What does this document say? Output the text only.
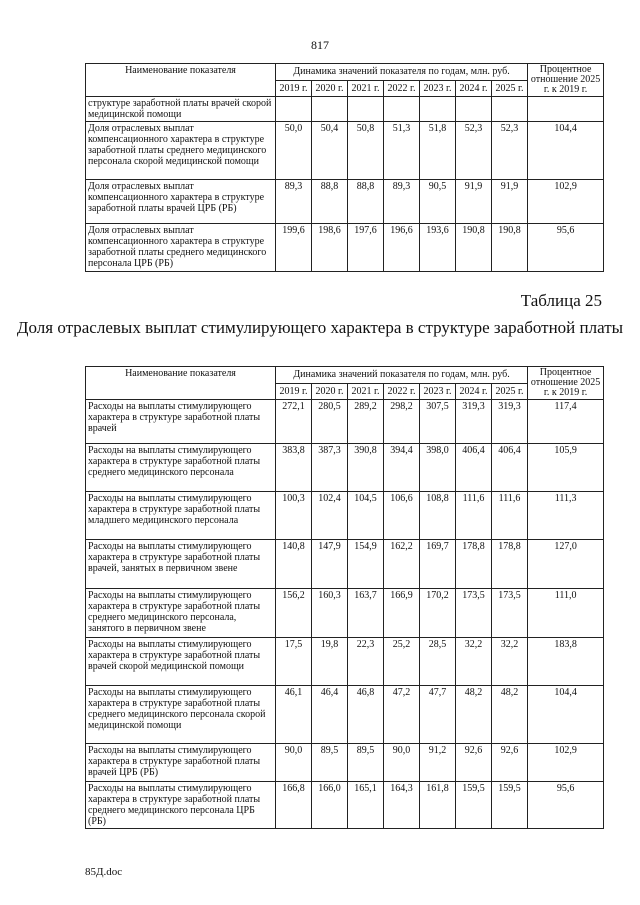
817
Наименование показателя	Динамика значений показателя по годам, млн. руб.							Процентное отношение 2025 г. к 2019 г.
	2019 г.	2020 г.	2021 г.	2022 г.	2023 г.	2024 г.	2025 г.	
структуре заработной платы врачей скорой медицинской помощи								
Доля отраслевых выплат компенсационного характера в структуре заработной платы среднего медицинского персонала скорой медицинской помощи	50,0	50,4	50,8	51,3	51,8	52,3	52,3	104,4
Доля отраслевых выплат компенсационного характера в структуре заработной платы врачей ЦРБ (РБ)	89,3	88,8	88,8	89,3	90,5	91,9	91,9	102,9
Доля отраслевых выплат компенсационного характера в структуре заработной платы среднего медицинского персонала ЦРБ (РБ)	199,6	198,6	197,6	196,6	193,6	190,8	190,8	95,6
Таблица 25
Доля отраслевых выплат стимулирующего характера в структуре заработной платы
Наименование показателя	Динамика значений показателя по годам, млн. руб.							Процентное отношение 2025 г. к 2019 г.
	2019 г.	2020 г.	2021 г.	2022 г.	2023 г.	2024 г.	2025 г.	
Расходы на выплаты стимулирующего характера в структуре заработной платы врачей	272,1	280,5	289,2	298,2	307,5	319,3	319,3	117,4
Расходы на выплаты стимулирующего характера в структуре заработной платы среднего медицинского персонала	383,8	387,3	390,8	394,4	398,0	406,4	406,4	105,9
Расходы на выплаты стимулирующего характера в структуре заработной платы младшего медицинского персонала	100,3	102,4	104,5	106,6	108,8	111,6	111,6	111,3
Расходы на выплаты стимулирующего характера в структуре заработной платы врачей, занятых в первичном звене	140,8	147,9	154,9	162,2	169,7	178,8	178,8	127,0
Расходы на выплаты стимулирующего характера в структуре заработной платы среднего медицинского персонала, занятого в первичном звене	156,2	160,3	163,7	166,9	170,2	173,5	173,5	111,0
Расходы на выплаты стимулирующего характера в структуре заработной платы врачей скорой медицинской помощи	17,5	19,8	22,3	25,2	28,5	32,2	32,2	183,8
Расходы на выплаты стимулирующего характера в структуре заработной платы среднего медицинского персонала скорой медицинской помощи	46,1	46,4	46,8	47,2	47,7	48,2	48,2	104,4
Расходы на выплаты стимулирующего характера в структуре заработной платы врачей ЦРБ (РБ)	90,0	89,5	89,5	90,0	91,2	92,6	92,6	102,9
Расходы на выплаты стимулирующего характера в структуре заработной платы среднего медицинского персонала ЦРБ (РБ)	166,8	166,0	165,1	164,3	161,8	159,5	159,5	95,6
85Д.doc
